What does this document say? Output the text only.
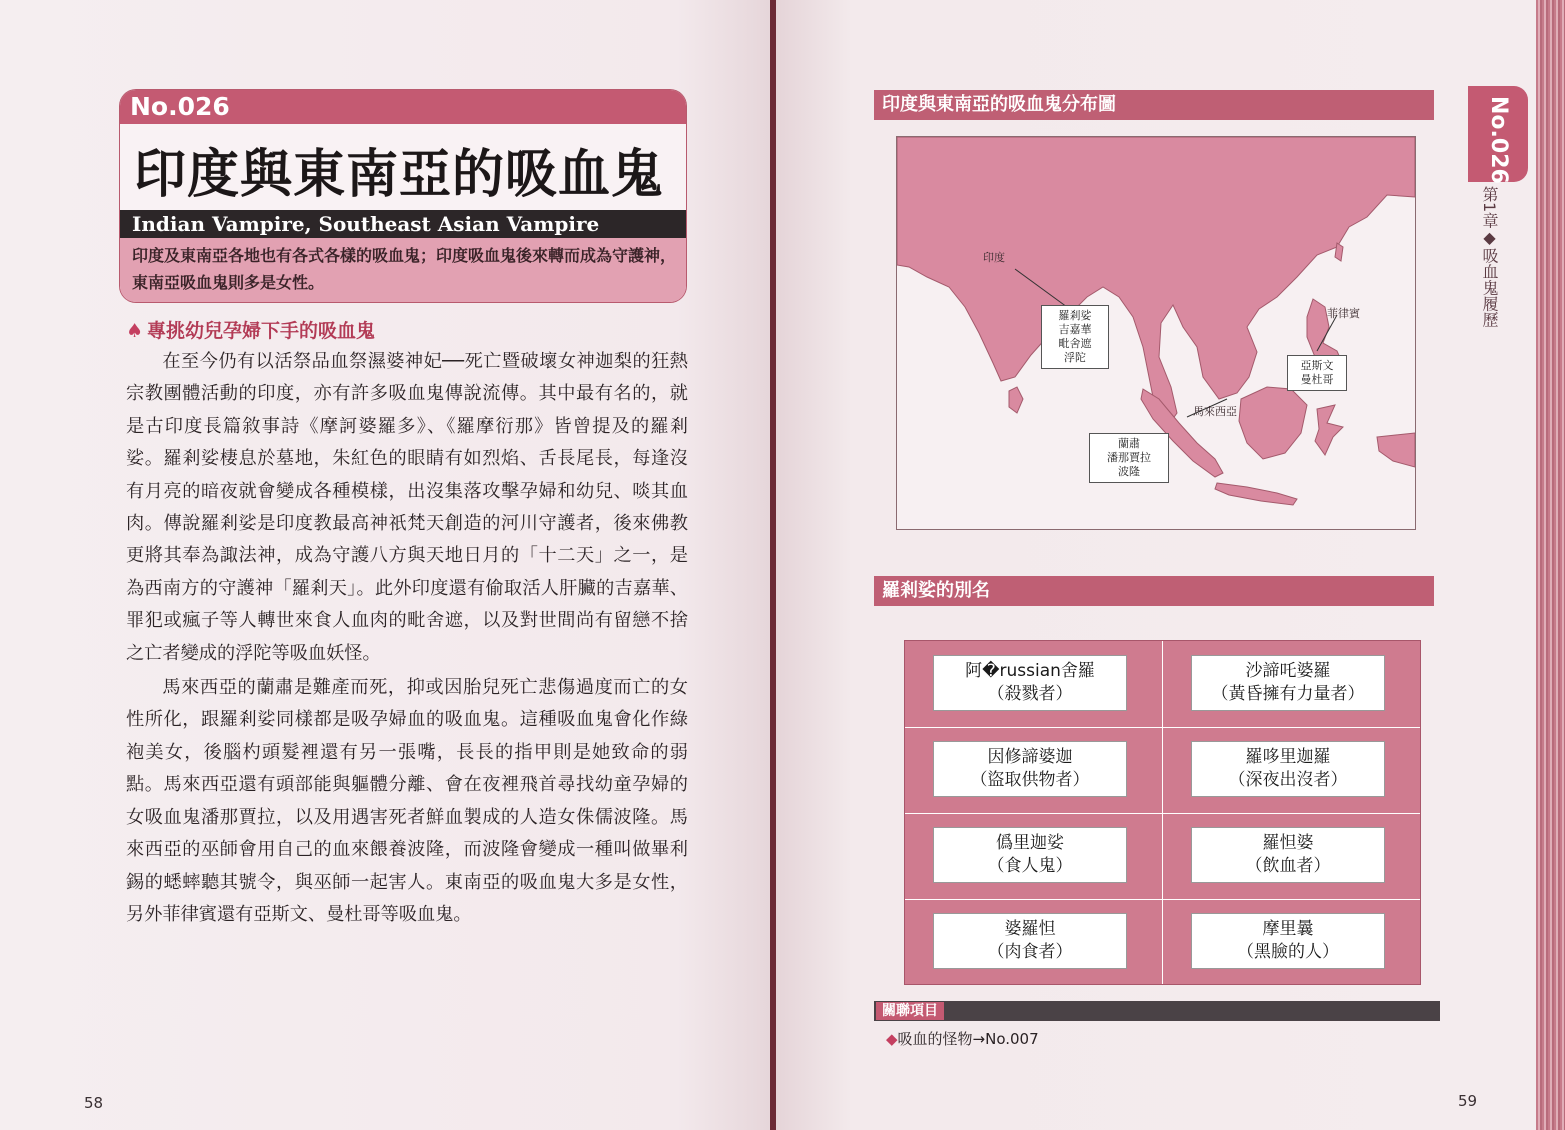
No.026
印度與東南亞的吸血鬼
Indian Vampire, Southeast Asian Vampire
印度及東南亞各地也有各式各樣的吸血鬼；印度吸血鬼後來轉而成為守護神，東南亞吸血鬼則多是女性。
♠ 專挑幼兒孕婦下手的吸血鬼

在至今仍有以活祭品血祭濕婆神妃──死亡暨破壞女神迦梨的狂熱宗教團體活動的印度，亦有許多吸血鬼傳說流傳。其中最有名的，就是古印度長篇敘事詩《摩訶婆羅多》、《羅摩衍那》皆曾提及的羅剎娑。羅剎娑棲息於墓地，朱紅色的眼睛有如烈焰、舌長尾長，每逢沒有月亮的暗夜就會變成各種模樣，出沒集落攻擊孕婦和幼兒、啖其血肉。傳說羅剎娑是印度教最高神祇梵天創造的河川守護者，後來佛教更將其奉為諏法神，成為守護八方與天地日月的「十二天」之一，是為西南方的守護神「羅剎天」。此外印度還有偷取活人肝臟的吉嘉華、罪犯或瘋子等人轉世來食人血肉的毗舍遮，以及對世間尚有留戀不捨之亡者變成的浮陀等吸血妖怪。

馬來西亞的蘭肅是難產而死，抑或因胎兒死亡悲傷過度而亡的女性所化，跟羅剎娑同樣都是吸孕婦血的吸血鬼。這種吸血鬼會化作綠袍美女，後腦杓頭髮裡還有另一張嘴，長長的指甲則是她致命的弱點。馬來西亞還有頭部能與軀體分離、會在夜裡飛首尋找幼童孕婦的女吸血鬼潘那賈拉，以及用遇害死者鮮血製成的人造女侏儒波隆。馬來西亞的巫師會用自己的血來餵養波隆，而波隆會變成一種叫做畢利錫的蟋蟀聽其號令，與巫師一起害人。東南亞的吸血鬼大多是女性，另外菲律賓還有亞斯文、曼杜哥等吸血鬼。

58
印度與東南亞的吸血鬼分布圖
印度
馬來西亞
菲律賓
羅剎娑
吉嘉華
毗舍遮
浮陀
蘭肅
潘那賈拉
波隆
亞斯文
曼杜哥
羅剎娑的別名
阿�russian舍羅
（殺戮者）
沙諦吒婆羅
（黃昏擁有力量者）
因修諦婆迦
（盜取供物者）
羅哆里迦羅
（深夜出沒者）
僞里迦娑
（食人鬼）
羅怛婆
（飲血者）
婆羅怛
（肉食者）
摩里曩
（黑臉的人）
關聯項目
◆吸血的怪物→No.007
59
No.026
第1章◆吸血鬼履歷
